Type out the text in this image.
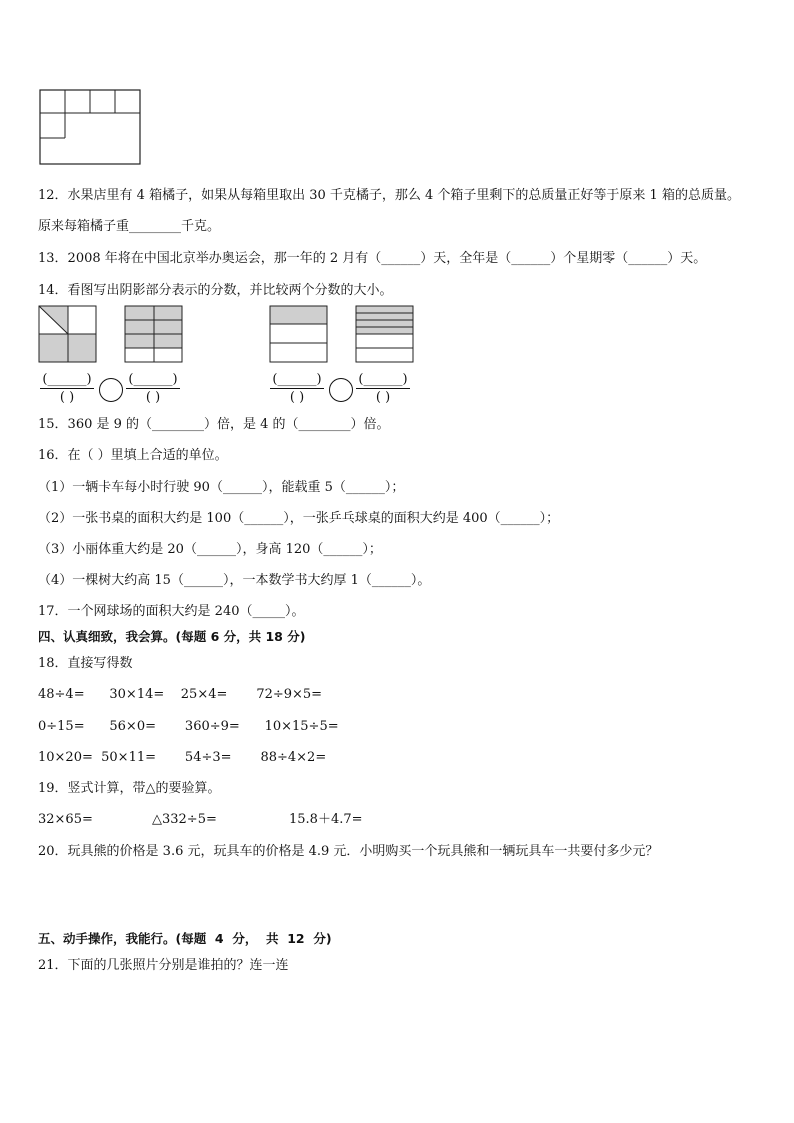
12．水果店里有 4 箱橘子，如果从每箱里取出 30 千克橘子，那么 4 个箱子里剩下的总质量正好等于原来 1 箱的总质量。
原来每箱橘子重________千克。
13．2008 年将在中国北京举办奥运会，那一年的 2 月有（______）天，全年是（______）个星期零（______）天。
14．看图写出阴影部分表示的分数，并比较两个分数的大小。
(______)
( )
(______)
( )
(______)
( )
(______)
( )
15．360 是 9 的（________）倍，是 4 的（________）倍。
16．在（ ）里填上合适的单位。
（1）一辆卡车每小时行驶 90（______），能载重 5（______）；
（2）一张书桌的面积大约是 100（______），一张乒乓球桌的面积大约是 400（______）；
（3）小丽体重大约是 20（______），身高 120（______）；
（4）一棵树大约高 15（______），一本数学书大约厚 1（______）。
17．一个网球场的面积大约是 240（_____）。
四、认真细致，我会算。(每题 6 分，共 18 分)
18．直接写得数
48÷4=      30×14=    25×4=       72÷9×5=
0÷15=      56×0=       360÷9=      10×15÷5=
10×20=  50×11=       54÷3=       88÷4×2=
19．竖式计算，带△的要验算。
32×65=	△332÷5=	15.8＋4.7=
20．玩具熊的价格是 3.6 元，玩具车的价格是 4.9 元．小明购买一个玩具熊和一辆玩具车一共要付多少元？
五、动手操作，我能行。(每题  4  分，  共  12  分)
21．下面的几张照片分别是谁拍的？连一连
